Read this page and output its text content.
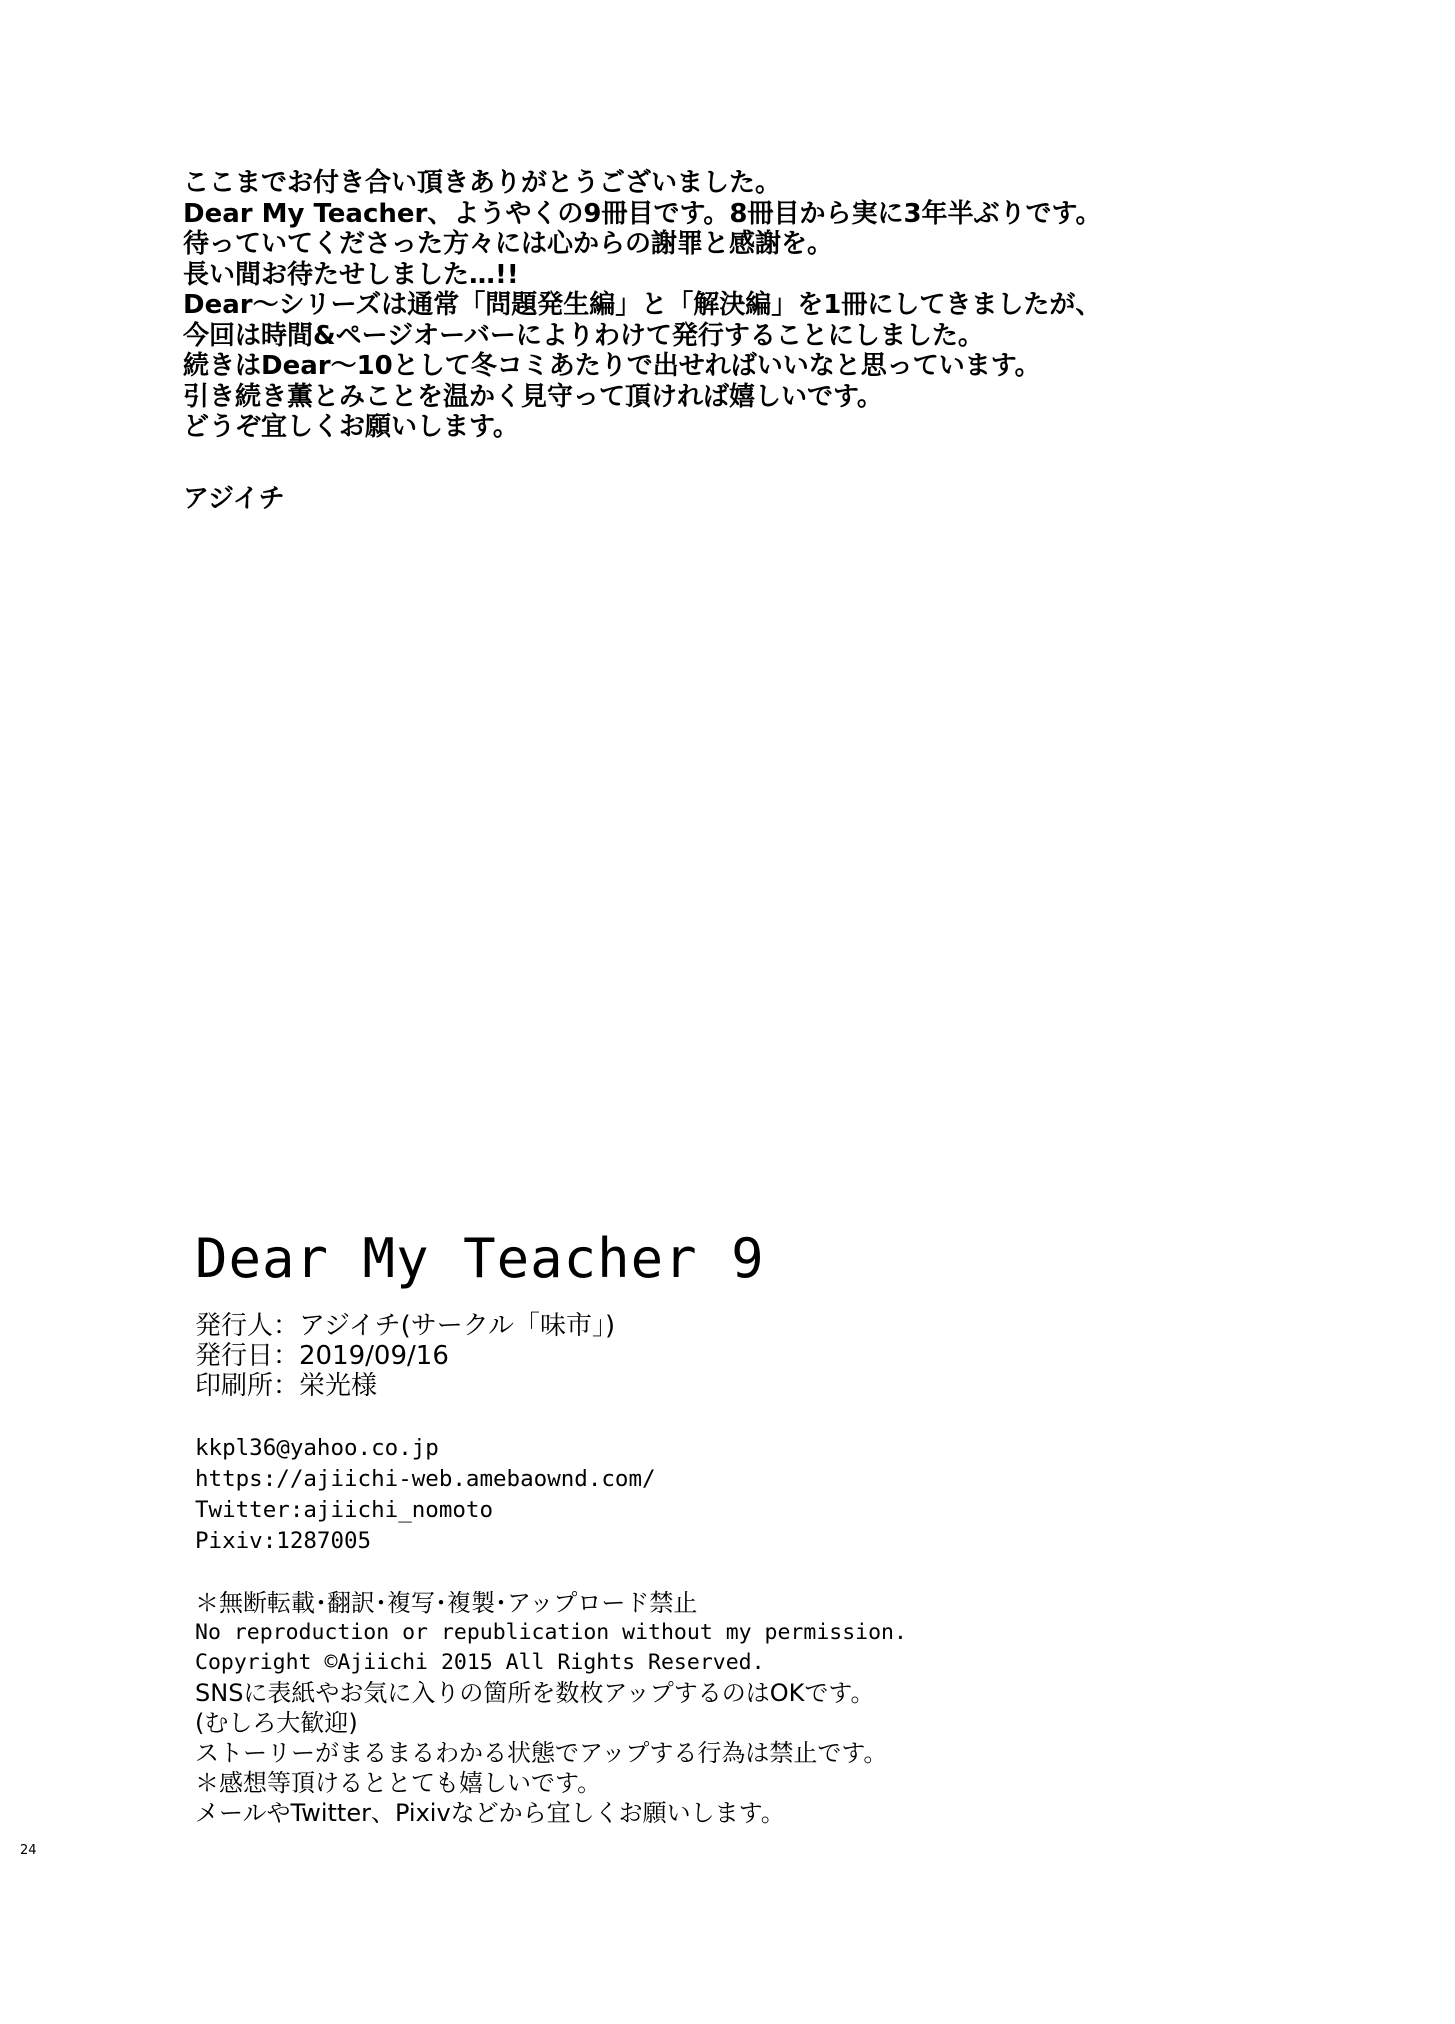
ここまでお付き合い頂きありがとうございました。
Dear My Teacher、ようやくの9冊目です。8冊目から実に3年半ぶりです。
待っていてくださった方々には心からの謝罪と感謝を。
長い間お待たせしました…!!
Dear～シリーズは通常「問題発生編」と「解決編」を1冊にしてきましたが、
今回は時間&ページオーバーによりわけて発行することにしました。
続きはDear～10として冬コミあたりで出せればいいなと思っています。
引き続き薫とみことを温かく見守って頂ければ嬉しいです。
どうぞ宜しくお願いします。
アジイチ
Dear My Teacher 9
発行人：アジイチ(サークル「味市」)
発行日：2019/09/16
印刷所：栄光様
kkpl36@yahoo.co.jp
https://ajiichi-web.amebaownd.com/
Twitter:ajiichi_nomoto
Pixiv:1287005
＊無断転載･翻訳･複写･複製･アップロード禁止
No reproduction or republication without my permission.
Copyright ©Ajiichi 2015 All Rights Reserved.
SNSに表紙やお気に入りの箇所を数枚アップするのはOKです。
(むしろ大歓迎)
ストーリーがまるまるわかる状態でアップする行為は禁止です。
＊感想等頂けるととても嬉しいです。
メールやTwitter、Pixivなどから宜しくお願いします。
24
